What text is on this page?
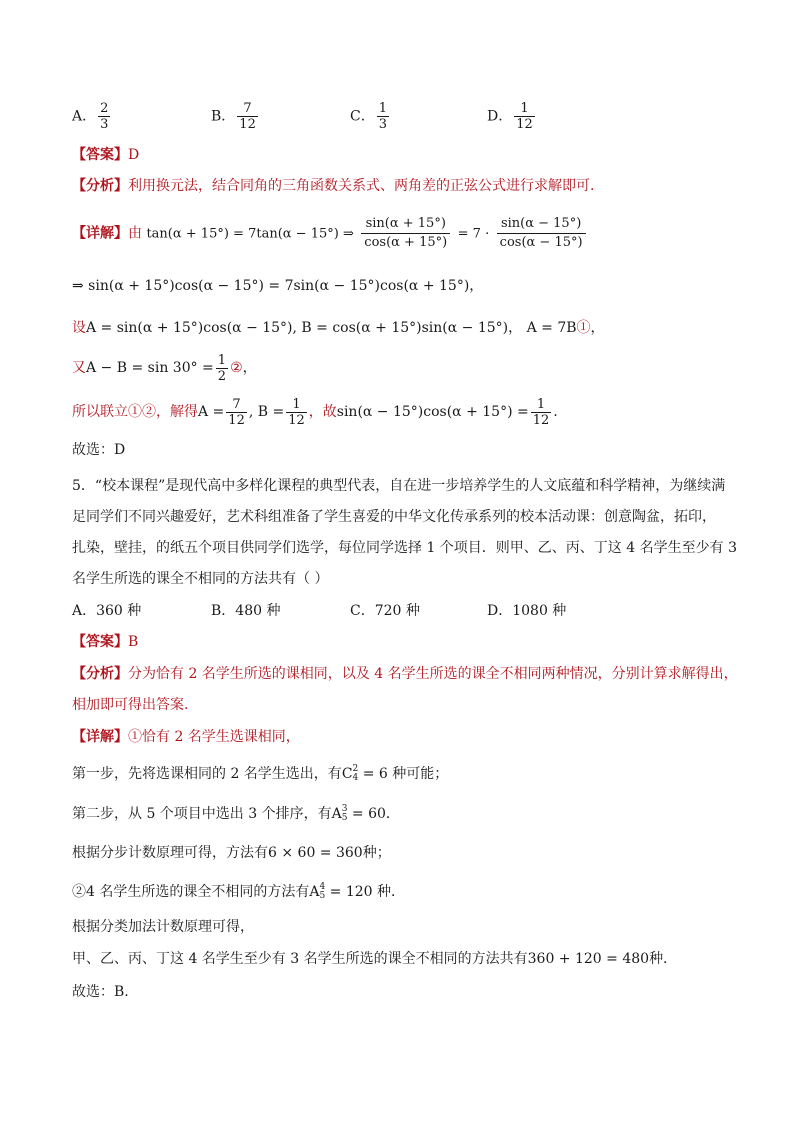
A． $\frac{2}{3}$	B． $\frac{7}{12}$	C． $\frac{1}{3}$	D． $\frac{1}{12}$
【答案】D
【分析】利用换元法，结合同角的三角函数关系式、两角差的正弦公式进行求解即可.
【详解】由 tan(α + 15°) = 7tan(α − 15°) ⇒ $\frac{\sin(\alpha + 15^\circ)}{\cos(\alpha + 15^\circ)} = 7 \cdot \frac{\sin(\alpha - 15^\circ)}{\cos(\alpha - 15^\circ)}$
⇒ sin(α + 15°)cos(α − 15°) = 7sin(α − 15°)cos(α + 15°)，
设A = sin(α + 15°)cos(α − 15°), B = cos(α + 15°)sin(α − 15°)， A = 7B①，
又$A - B = \sin 30^\circ = \frac{1}{2}$ ②，
所以联立①②，解得$A = \frac{7}{12}$ , $B = \frac{1}{12}$ ，故$\sin(\alpha - 15^\circ)\cos(\alpha + 15^\circ) = \frac{1}{12}$ .
故选：D
5．“校本课程”是现代高中多样化课程的典型代表，自在进一步培养学生的人文底蕴和科学精神，为继续满
足同学们不同兴趣爱好，艺术科组准备了学生喜爱的中华文化传承系列的校本活动课：创意陶盆，拓印，
扎染，壁挂，的纸五个项目供同学们选学，每位同学选择 1 个项目．则甲、乙、丙、丁这 4 名学生至少有 3
名学生所选的课全不相同的方法共有（ ）
A．360 种	B．480 种	C．720 种	D．1080 种
【答案】B
【分析】分为恰有 2 名学生所选的课相同，以及 4 名学生所选的课全不相同两种情况，分别计算求解得出，
相加即可得出答案.
【详解】①恰有 2 名学生选课相同，
第一步，先将选课相同的 2 名学生选出，有C 2
4 = 6 种可能；
第二步，从 5 个项目中选出 3 个排序，有A 3
5 = 60．
根据分步计数原理可得，方法有6 × 60 = 360种；
②4 名学生所选的课全不相同的方法有A 4
5 = 120 种．
根据分类加法计数原理可得，
甲、乙、丙、丁这 4 名学生至少有 3 名学生所选的课全不相同的方法共有360 + 120 = 480种．
故选：B.
